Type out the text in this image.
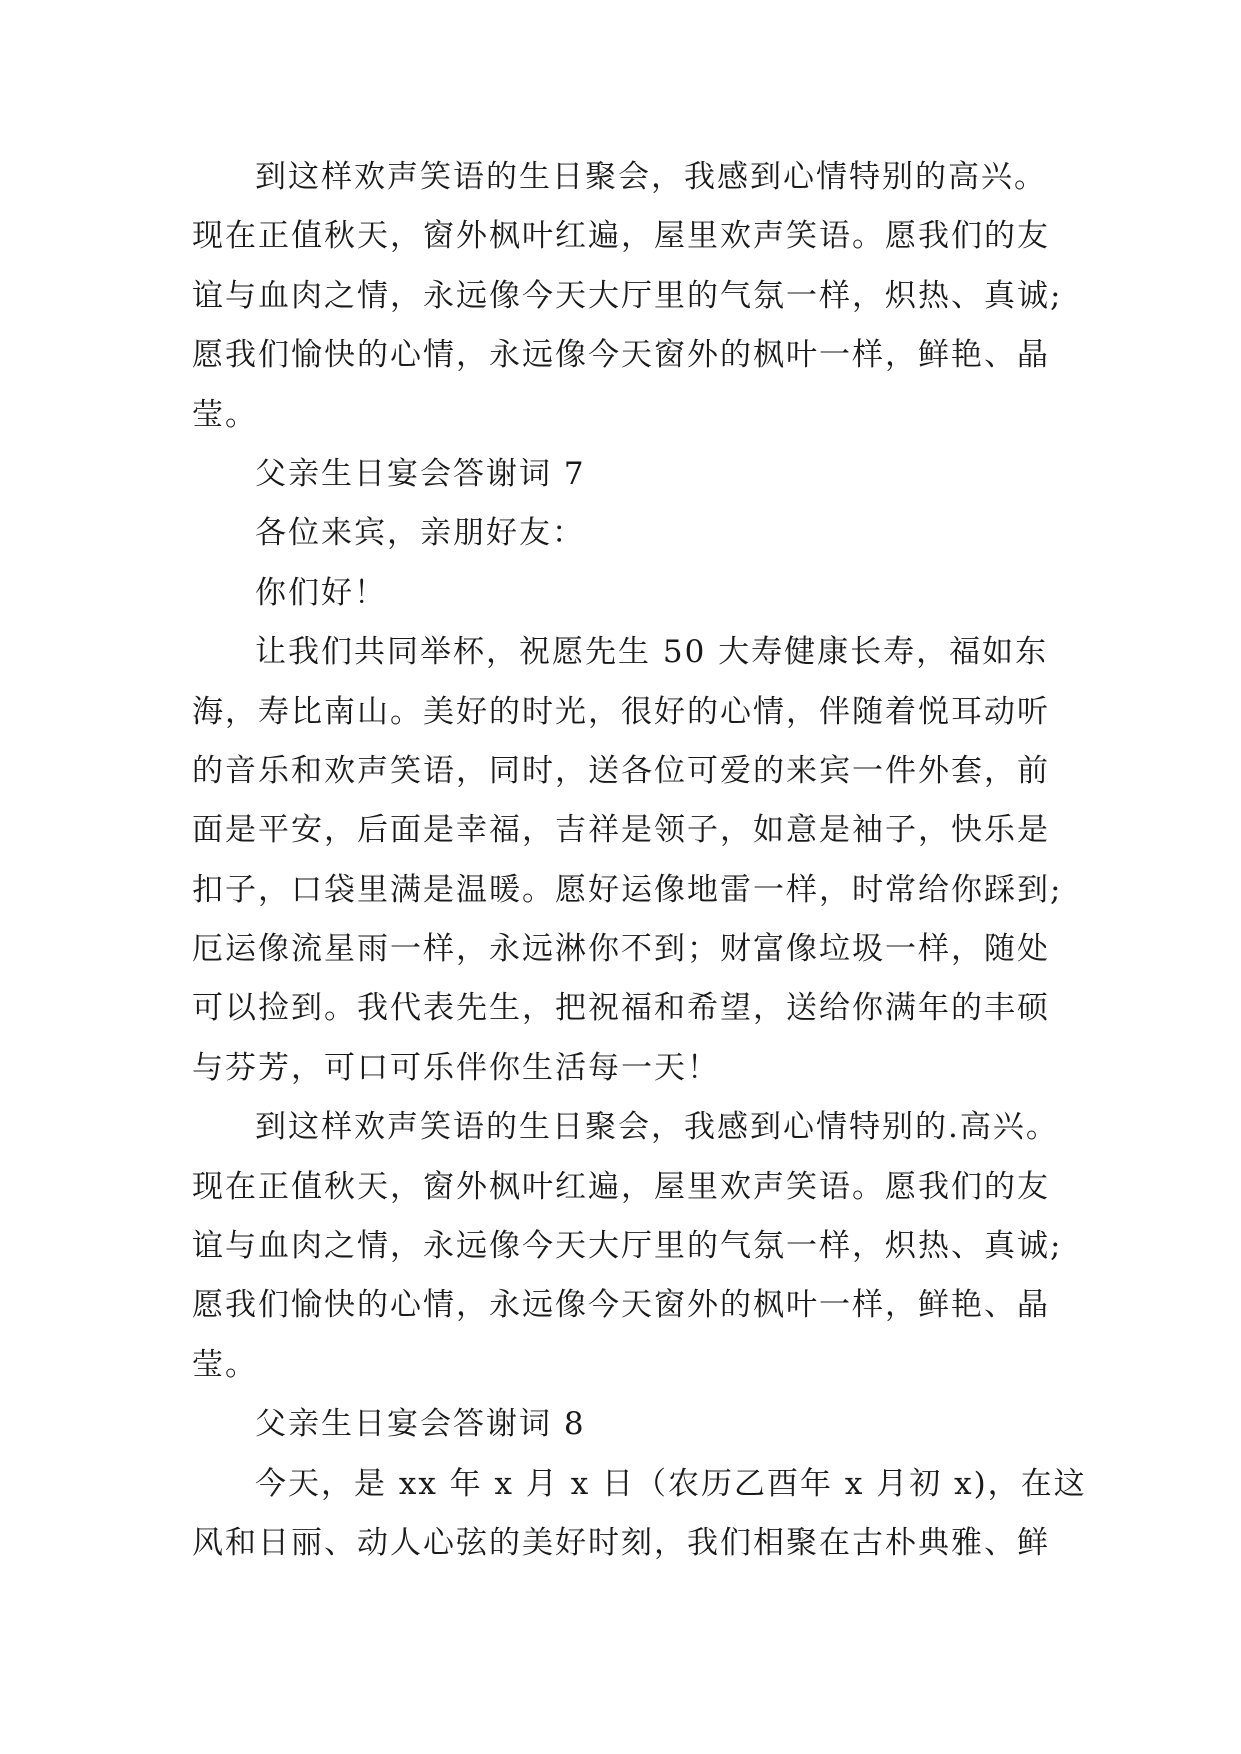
到这样欢声笑语的生日聚会，我感到心情特别的高兴。
现在正值秋天，窗外枫叶红遍，屋里欢声笑语。愿我们的友
谊与血肉之情，永远像今天大厅里的气氛一样，炽热、真诚;
愿我们愉快的心情，永远像今天窗外的枫叶一样，鲜艳、晶
莹。
父亲生日宴会答谢词 7
各位来宾，亲朋好友：
你们好！
让我们共同举杯，祝愿先生 50 大寿健康长寿，福如东
海，寿比南山。美好的时光，很好的心情，伴随着悦耳动听
的音乐和欢声笑语，同时，送各位可爱的来宾一件外套，前
面是平安，后面是幸福，吉祥是领子，如意是袖子，快乐是
扣子，口袋里满是温暖。愿好运像地雷一样，时常给你踩到;
厄运像流星雨一样，永远淋你不到；财富像垃圾一样，随处
可以捡到。我代表先生，把祝福和希望，送给你满年的丰硕
与芬芳，可口可乐伴你生活每一天！
到这样欢声笑语的生日聚会，我感到心情特别的.高兴。
现在正值秋天，窗外枫叶红遍，屋里欢声笑语。愿我们的友
谊与血肉之情，永远像今天大厅里的气氛一样，炽热、真诚;
愿我们愉快的心情，永远像今天窗外的枫叶一样，鲜艳、晶
莹。
父亲生日宴会答谢词 8
今天，是 xx 年 x 月 x 日（农历乙酉年 x 月初 x)，在这
风和日丽、动人心弦的美好时刻，我们相聚在古朴典雅、鲜
